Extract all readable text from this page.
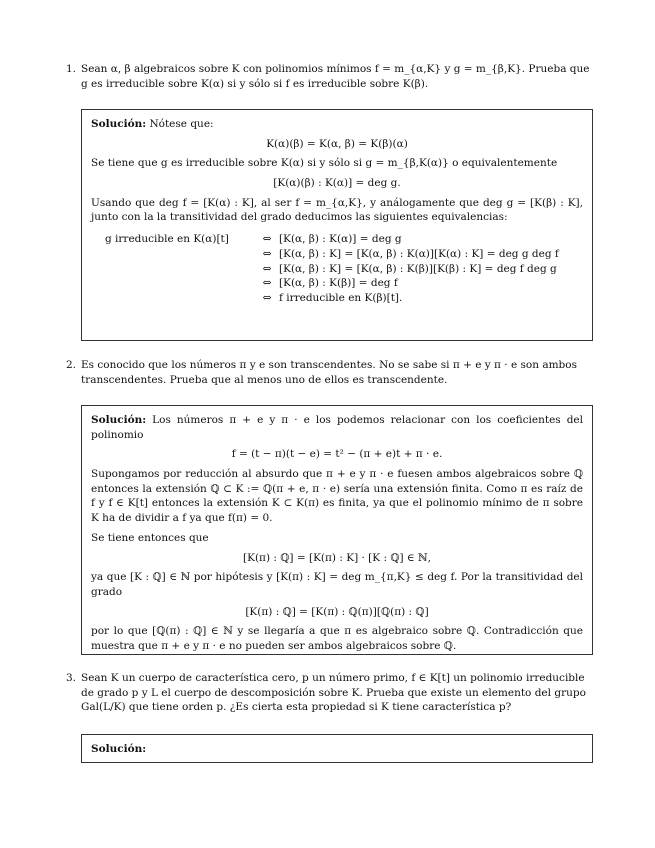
1. Sean α, β algebraicos sobre K con polinomios mínimos f = m_{α,K} y g = m_{β,K}. Prueba que g es irreducible sobre K(α) si y sólo si f es irreducible sobre K(β).

Solución: Nótese que:

K(α)(β) = K(α, β) = K(β)(α)

Se tiene que g es irreducible sobre K(α) si y sólo si g = m_{β,K(α)} o equivalentemente

[K(α)(β) : K(α)] = deg g.

Usando que deg f = [K(α) : K], al ser f = m_{α,K}, y análogamente que deg g = [K(β) : K], junto con la la transitividad del grado deducimos las siguientes equivalencias:

g irreducible en K(α)[t]	⇔ [K(α, β) : K(α)] = deg g
⇔ [K(α, β) : K] = [K(α, β) : K(α)][K(α) : K] = deg g deg f
⇔ [K(α, β) : K] = [K(α, β) : K(β)][K(β) : K] = deg f deg g
⇔ [K(α, β) : K(β)] = deg f
⇔ f irreducible en K(β)[t].
2. Es conocido que los números π y e son transcendentes. No se sabe si π + e y π · e son ambos transcendentes. Prueba que al menos uno de ellos es transcendente.

Solución: Los números π + e y π · e los podemos relacionar con los coeficientes del polinomio

f = (t − π)(t − e) = t² − (π + e)t + π · e.

Supongamos por reducción al absurdo que π + e y π · e fuesen ambos algebraicos sobre ℚ entonces la extensión ℚ ⊂ K := ℚ(π + e, π · e) sería una extensión finita. Como π es raíz de f y f ∈ K[t] entonces la extensión K ⊂ K(π) es finita, ya que el polinomio mínimo de π sobre K ha de dividir a f ya que f(π) = 0.

Se tiene entonces que

[K(π) : ℚ] = [K(π) : K] · [K : ℚ] ∈ ℕ,

ya que [K : ℚ] ∈ ℕ por hipótesis y [K(π) : K] = deg m_{π,K} ≤ deg f. Por la transitividad del grado

[K(π) : ℚ] = [K(π) : ℚ(π)][ℚ(π) : ℚ]

por lo que [ℚ(π) : ℚ] ∈ ℕ y se llegaría a que π es algebraico sobre ℚ. Contradicción que muestra que π + e y π · e no pueden ser ambos algebraicos sobre ℚ.

3. Sean K un cuerpo de característica cero, p un número primo, f ∈ K[t] un polinomio irreducible de grado p y L el cuerpo de descomposición sobre K. Prueba que existe un elemento del grupo Gal(L/K) que tiene orden p. ¿Es cierta esta propiedad si K tiene característica p?

Solución:
